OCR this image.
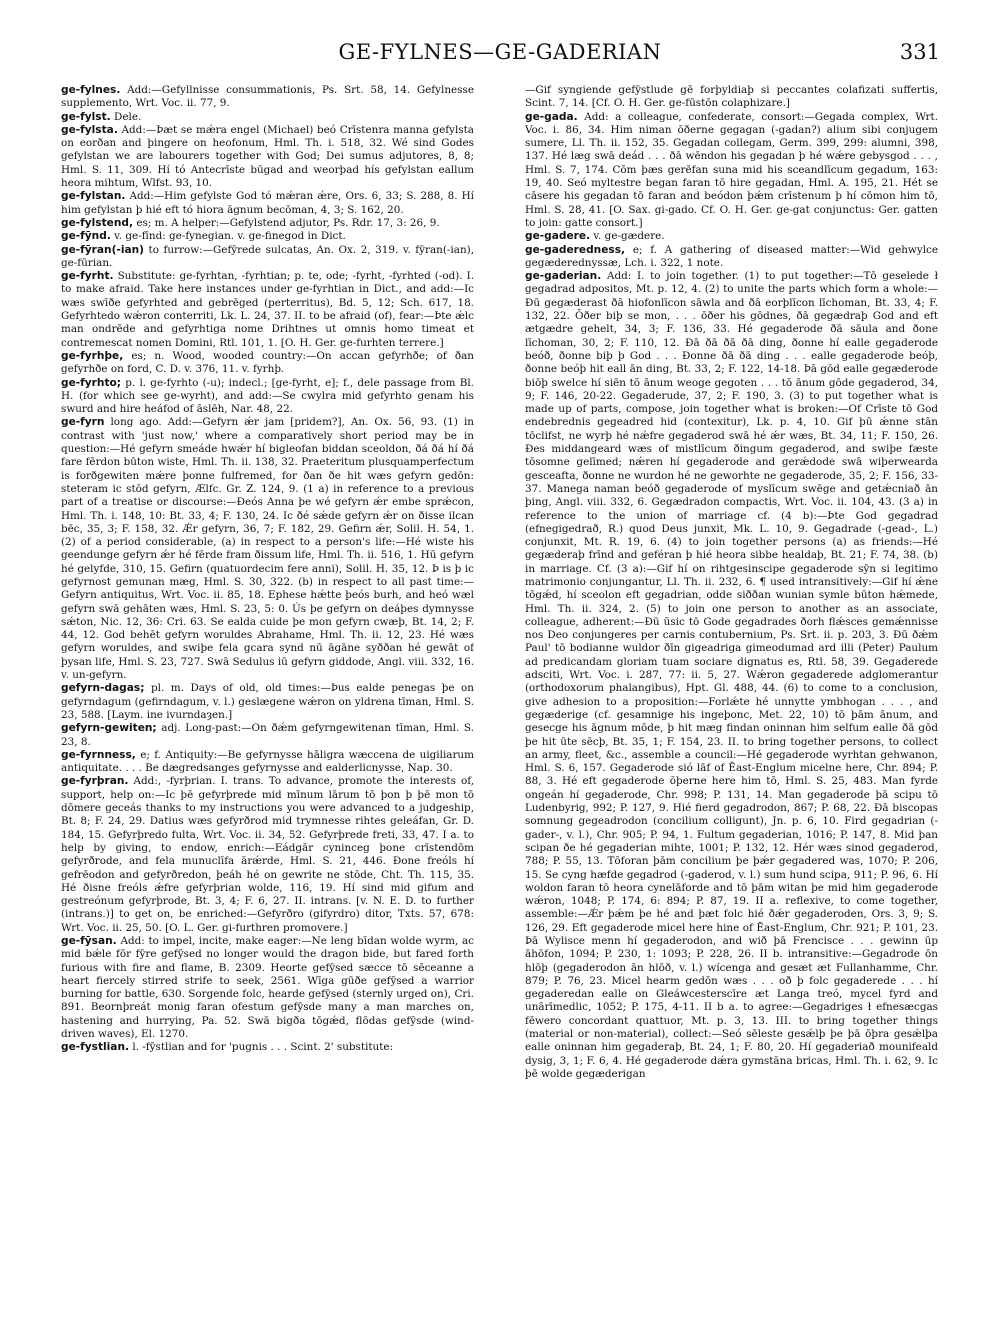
GE-FYLNES—GE-GADERIAN	331

ge-fylnes. Add:—Gefyllnisse consummationis, Ps. Srt. 58, 14. Gefylnesse supplemento, Wrt. Voc. ii. 77, 9.

ge-fylst. Dele.

ge-fylsta. Add:—Þæt se mǽra engel (Michael) beó Crīstenra manna gefylsta on eorðan and þingere on heofonum, Hml. Th. i. 518, 32. Wé sind Godes gefylstan we are labourers together with God; Dei sumus adjutores, 8, 8; Hml. S. 11, 309. Hí tó Antecrīste būgad and weorþad hís gefylstan eallum heora mihtum, Wlfst. 93, 10.

ge-fylstan. Add:—Him gefylste God tó mǽran ǽre, Ors. 6, 33; S. 288, 8. Hí him gefylstan þ hié eft tó hiora āgnum becōman, 4, 3; S. 162, 20.

ge-fylstend, es; m. A helper:—Gefylstend adjutor, Ps. Rdr. 17, 3: 26, 9.

ge-fȳnd. v. ge-fīnd: ge-fynegian. v. ge-finegod in Dict.

ge-fȳran(-ian) to furrow:—Gefȳrede sulcatas, An. Ox. 2, 319. v. fȳran(-ian), ge-fūrian.

ge-fyrht. Substitute: ge-fyrhtan, -fyrhtian; p. te, ode; -fyrht, -fyrhted (-od). I. to make afraid. Take here instances under ge-fyrhtian in Dict., and add:—Ic wæs swīðe gefyrhted and gebrēged (perterritus), Bd. 5, 12; Sch. 617, 18. Gefyrhtedo wǽron conterriti, Lk. L. 24, 37. II. to be afraid (of), fear:—Þte ǽlc man ondrēde and gefyrhtiga nome Drihtnes ut omnis homo timeat et contremescat nomen Domini, Rtl. 101, 1. [O. H. Ger. ge-furhten terrere.]

ge-fyrhþe, es; n. Wood, wooded country:—On accan gefyrhðe; of ðan gefyrhðe on ford, C. D. v. 376, 11. v. fyrhþ.

ge-fyrhto; p. l. ge-fyrhto (-u); indecl.; [ge-fyrht, e]; f., dele passage from Bl. H. (for which see ge-wyrht), and add:—Se cwylra mid gefyrhto genam his swurd and hire heáfod of āslēh, Nar. 48, 22.

ge-fyrn long ago. Add:—Gefyrn ǽr jam [pridem?], An. Ox. 56, 93. (1) in contrast with 'just now,' where a comparatively short period may be in question:—Hé gefyrn smeáde hwǽr hí bigleofan biddan sceoldon, ðá ðá hí ðá fare fērdon būton wiste, Hml. Th. ii. 138, 32. Praeteritum plusquamperfectum is forðgewiten mǽre þonne fulfremed, for ðan ðe hit wæs gefyrn gedōn: steteram ic stōd gefyrn, Ælfc. Gr. Z. 124, 9. (1 a) in reference to a previous part of a treatise or discourse:—Ðeós Anna þe wé gefyrn ǽr embe sprǽcon, Hml. Th. i. 148, 10: Bt. 33, 4; F. 130, 24. Ic ðé sǽde gefyrn ǽr on ðisse ilcan bēc, 35, 3; F. 158, 32. Ǽr gefyrn, 36, 7; F. 182, 29. Gefirn ǽr, Solil. H. 54, 1. (2) of a period considerable, (a) in respect to a person's life:—Hé wiste his geendunge gefyrn ǽr hé fērde fram ðissum life, Hml. Th. ii. 516, 1. Hū gefyrn hé gelyfde, 310, 15. Gefirn (quatuordecim fere anni), Solil. H. 35, 12. Þ is þ ic gefyrnost gemunan mæg, Hml. S. 30, 322. (b) in respect to all past time:—Gefyrn antiquitus, Wrt. Voc. ii. 85, 18. Ephese hǽtte þeós burh, and heó wæl gefyrn swā gehāten wæs, Hml. S. 23, 5: 0. Ús þe gefyrn on deáþes dymnysse sǽton, Nic. 12, 36: Cri. 63. Se ealda cuide þe mon gefyrn cwæþ, Bt. 14, 2; F. 44, 12. God behēt gefyrn woruldes Abrahame, Hml. Th. ii. 12, 23. Hé wæs gefyrn woruldes, and swiþe fela gcara synd nū āgāne syððan hé gewāt of þysan life, Hml. S. 23, 727. Swā Sedulus iū gefyrn giddode, Angl. viii. 332, 16. v. un-gefyrn.

gefyrn-dagas; pl. m. Days of old, old times:—Þus ealde penegas þe on gefyrndagum (gefirndagum, v. l.) geslægene wǽron on yldrena tīman, Hml. S. 23, 588. [Laym. ine ivurndaȝen.]

gefyrn-gewiten; adj. Long-past:—On ðǽm gefyrngewitenan tīman, Hml. S. 23, 8.

ge-fyrnness, e; f. Antiquity:—Be gefyrnysse hāligra wæccena de uigiliarum antiquitate. . . . Be dægredsanges gefyrnysse and ealderlicnysse, Nap. 30.

ge-fyrþran. Add:, -fyrþrian. I. trans. To advance, promote the interests of, support, help on:—Ic þē gefyrþrede mid mīnum lārum tō þon þ þē mon tō dōmere geceás thanks to my instructions you were advanced to a judgeship, Bt. 8; F. 24, 29. Datius wæs gefyrðrod mid trymnesse rihtes geleáfan, Gr. D. 184, 15. Gefyrþredo fulta, Wrt. Voc. ii. 34, 52. Gefyrþrede freti, 33, 47. I a. to help by giving, to endow, enrich:—Eádgār cyninceg þone crīstendōm gefyrðrode, and fela munuclīfa ārǽrde, Hml. S. 21, 446. Ðone freóls hí gefrēodon and gefyrðredon, þeáh hé on gewrite ne stōde, Cht. Th. 115, 35. Hé ðisne freóls ǽfre gefyrþrian wolde, 116, 19. Hí sind mid gifum and gestreónum gefyrþrode, Bt. 3, 4; F. 6, 27. II. intrans. [v. N. E. D. to further (intrans.)] to get on, be enriched:—Gefyrðro (gifyrdro) ditor, Txts. 57, 678: Wrt. Voc. ii. 25, 50. [O. L. Ger. gi-furthren promovere.]

ge-fȳsan. Add: to impel, incite, make eager:—Ne leng bīdan wolde wyrm, ac mid bǽle fōr fȳre gefȳsed no longer would the dragon bide, but fared forth furious with fire and flame, B. 2309. Heorte gefȳsed sæcce tō sēceanne a heart fiercely stirred strife to seek, 2561. Wīga gūðe gefȳsed a warrior burning for battle, 630. Sorgende folc, hearde gefȳsed (sternly urged on), Cri. 891. Beornþreát monig faran ofestum gefȳsde many a man marches on, hastening and hurrying, Pa. 52. Swā bigða tōgǽd, flōdas gefȳsde (wind-driven waves), El. 1270.

ge-fystlian. l. -fȳstlian and for 'pugnis . . . Scint. 2' substitute:

—Gif syngiende gefȳstlude gē forþyldiaþ si peccantes colafizati suffertis, Scint. 7, 14. [Cf. O. H. Ger. ge-fūstōn colaphizare.]

ge-gada. Add: a colleague, confederate, consort:—Gegada complex, Wrt. Voc. i. 86, 34. Him niman ōðerne gegagan (-gadan?) alium sibi conjugem sumere, Ll. Th. ii. 152, 35. Gegadan collegam, Germ. 399, 299: alumni, 398, 137. Hé læg swā deád . . . ðā wēndon his gegadan þ hé wǽre gebysgod . . . , Hml. S. 7, 174. Cōm þæs gerēfan suna mid his sceandlīcum gegadum, 163: 19, 40. Seó myltestre began faran tō hire gegadan, Hml. A. 195, 21. Hét se cāsere his gegadan tō faran and beódon þǽm crīstenum þ hí cōmon him tō, Hml. S. 28, 41. [O. Sax. gi-gado. Cf. O. H. Ger. ge-gat conjunctus: Ger. gatten to join: gatte consort.]

ge-gadere. v. ge-gædere.

ge-gaderedness, e; f. A gathering of diseased matter:—Wid gehwylce gegæderednyssæ, Lch. i. 322, 1 note.

ge-gaderian. Add: I. to join together. (1) to put together:—Tō geselede ł gegadrad adpositos, Mt. p. 12, 4. (2) to unite the parts which form a whole:—Ðū gegæderast ðā hiofonlīcon sāwla and ðā eorþlīcon līchoman, Bt. 33, 4; F. 132, 22. Ōðer biþ se mon, . . . ōðer his gōdnes, ðā gegædraþ God and eft ætgædre gehelt, 34, 3; F. 136, 33. Hé gegaderode ðā sāula and ðone līchoman, 30, 2; F. 110, 12. Ðā ðā ðā ðā ding, ðonne hí ealle gegaderode beóð, ðonne biþ þ God . . . Ðonne ðā ðā ding . . . ealle gegaderode beóþ, ðonne beóþ hit eall ān ding, Bt. 33, 2; F. 122, 14-18. Þā gōd ealle gegæderode biōþ swelce hí siēn tō ānum weoge gegoten . . . tō ānum gōde gegaderod, 34, 9; F. 146, 20-22. Gegaderude, 37, 2; F. 190, 3. (3) to put together what is made up of parts, compose, join together what is broken:—Of Crīste tō God endebrednis gegeadred hid (contexitur), Lk. p. 4, 10. Gif þū ǽnne stān tōclifst, ne wyrþ hé nǽfre gegaderod swā hé ǽr wæs, Bt. 34, 11; F. 150, 26. Ðes middangeard wæs of mistlīcum ðingum gegaderod, and swiþe fæste tōsomne gelīmed; nǽren hí gegaderode and gerǽdode swā wiþerwearda gesceafta, ðonne ne wurdon hé ne geworhte ne gegaderode, 35, 2; F. 156, 33-37. Manega naman beóð gegaderode of myslīcum swēge and getǽcniað ān þing, Angl. viii. 332, 6. Gegædradon compactis, Wrt. Voc. ii. 104, 43. (3 a) in reference to the union of marriage cf. (4 b):—Þte God gegadrad (efnegigedrað, R.) quod Deus junxit, Mk. L. 10, 9. Gegadrade (-gead-, L.) conjunxit, Mt. R. 19, 6. (4) to join together persons (a) as friends:—Hé gegæderaþ frīnd and geféran þ hié heora sibbe healdaþ, Bt. 21; F. 74, 38. (b) in marriage. Cf. (3 a):—Gif hí on rihtgesinscipe gegaderode sȳn si legitimo matrimonio conjungantur, Ll. Th. ii. 232, 6. ¶ used intransitively:—Gif hí ǽne tōgǽd, hí sceolon eft gegadrian, odde siððan wunian symle būton hǽmede, Hml. Th. ii. 324, 2. (5) to join one person to another as an associate, colleague, adherent:—Ðū ūsic tō Gode gegadrades ðorh flǽsces gemǽnnisse nos Deo conjungeres per carnis contubernium, Ps. Srt. ii. p. 203, 3. Ðū ðǽm Paul' tō bodianne wuldor ðīn gigeadriga gimeodumad ard illi (Peter) Paulum ad predicandam gloriam tuam sociare dignatus es, Rtl. 58, 39. Gegaderede adsciti, Wrt. Voc. i. 287, 77: ii. 5, 27. Wǽron gegaderede adglomerantur (orthodoxorum phalangibus), Hpt. Gl. 488, 44. (6) to come to a conclusion, give adhesion to a proposition:—Forlǽte hé unnytte ymbhogan . . . , and gegæderige (cf. gesamnige his ingeþonc, Met. 22, 10) tō þām ānum, and gesecge his āgnum mōde, þ hit mæg findan oninnan him selfum ealle ðā gōd þe hit ūte sēcþ, Bt. 35, 1; F. 154, 23. II. to bring together persons, to collect an army, fleet, &c., assemble a council:—Hé gegaderode wyrhtan gehwanon, Hml. S. 6, 157. Gegaderode sió lāf of Ēast-Englum micelne here, Chr. 894; P. 88, 3. Hé eft gegaderode ōþerne here him tō, Hml. S. 25, 483. Man fyrde ongeán hí gegaderode, Chr. 998; P. 131, 14. Man gegaderode þā scipu tō Ludenbyrig, 992; P. 127, 9. Hié fierd gegadrodon, 867; P. 68, 22. Ðā biscopas somnung gegeadrodon (concilium colligunt), Jn. p. 6, 10. Fird gegadrian (-gader-, v. l.), Chr. 905; P. 94, 1. Fultum gegaderian, 1016; P. 147, 8. Mid þan scipan ðe hé gegaderian mihte, 1001; P. 132, 12. Hér wæs sinod gegaderod, 788; P. 55, 13. Tōforan þām concilium þe þǽr gegadered was, 1070; P. 206, 15. Se cyng hæfde gegadrod (-gaderod, v. l.) sum hund scipa, 911; P. 96, 6. Hí woldon faran tō heora cynelāforde and tō þām witan þe mid him gegaderode wǽron, 1048; P. 174, 6: 894; P. 87, 19. II a. reflexive, to come together, assemble:—Ǽr þǽm þe hé and þæt folc hié ðǽr gegaderoden, Ors. 3, 9; S. 126, 29. Eft gegaderode micel here hine of Ēast-Englum, Chr. 921; P. 101, 23. Þā Wylisce menn hí gegaderodon, and wið þā Frencisce . . . gewinn ūp āhōfon, 1094; P. 230, 1: 1093; P. 228, 26. II b. intransitive:—Gegadrode ōn hlōþ (gegaderodon ān hlōð, v. l.) wícenga and gesæt æt Fullanhamme, Chr. 879; P. 76, 23. Micel hearm gedōn wæs . . . oð þ folc gegaderede . . . hí gegaderedan ealle on Gleáwcesterscīre æt Langa treó, mycel fyrd and unārīmedlic, 1052; P. 175, 4-11. II b a. to agree:—Gegadriges ł efnesæcgas fēwero concordant quattuor, Mt. p. 3, 13. III. to bring together things (material or non-material), collect:—Seó sēleste gesǽlþ þe þā ōþra gesǽlþa ealle oninnan him gegaderaþ, Bt. 24, 1; F. 80, 20. Hí gegaderiað mounifeald dysig, 3, 1; F. 6, 4. Hé gegaderode dǽra gymstāna bricas, Hml. Th. i. 62, 9. Ic þē wolde gegæderigan
